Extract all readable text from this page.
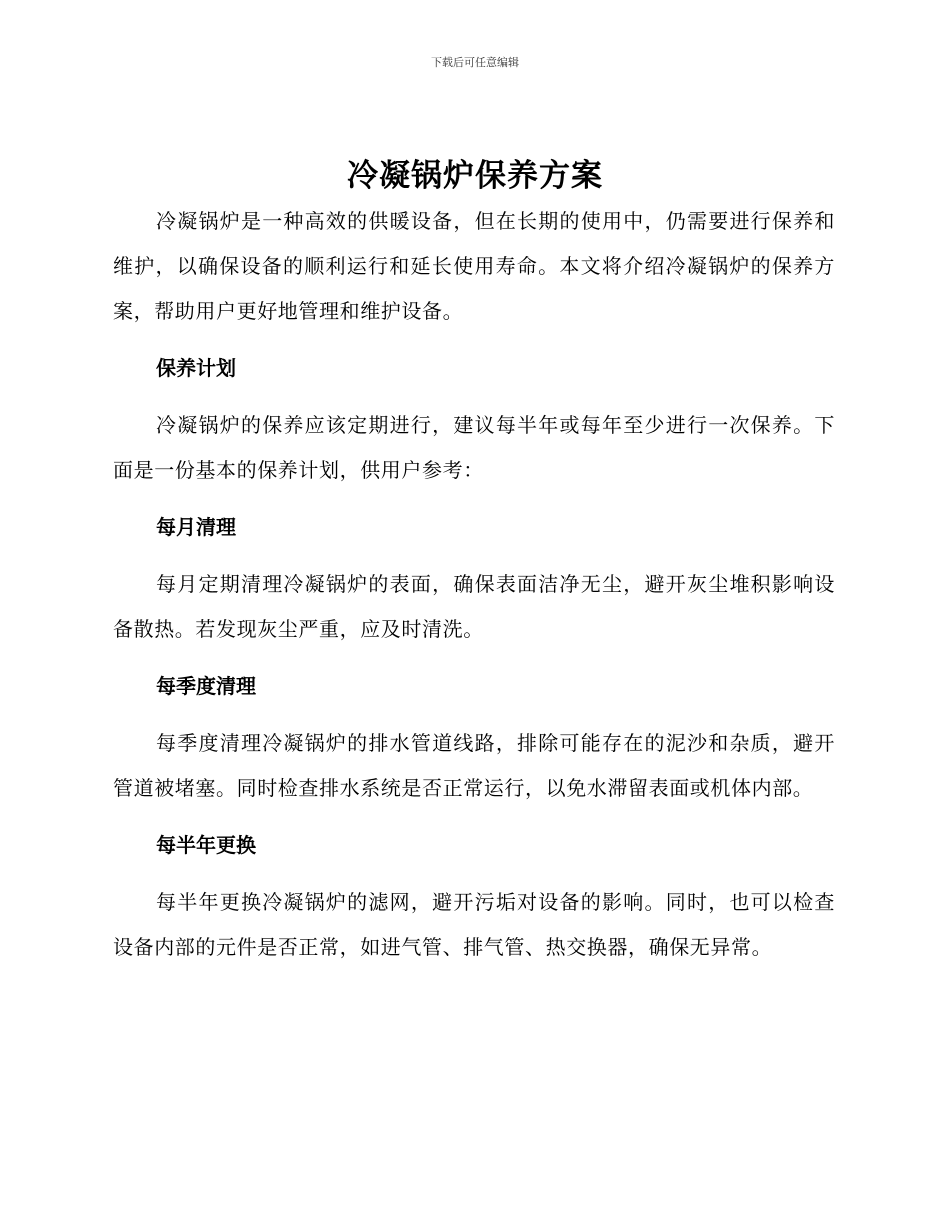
下载后可任意编辑
冷凝锅炉保养方案

冷凝锅炉是一种高效的供暖设备，但在长期的使用中，仍需要进行保养和维护，以确保设备的顺利运行和延长使用寿命。本文将介绍冷凝锅炉的保养方案，帮助用户更好地管理和维护设备。

保养计划

冷凝锅炉的保养应该定期进行，建议每半年或每年至少进行一次保养。下面是一份基本的保养计划，供用户参考：

每月清理

每月定期清理冷凝锅炉的表面，确保表面洁净无尘，避开灰尘堆积影响设备散热。若发现灰尘严重，应及时清洗。

每季度清理

每季度清理冷凝锅炉的排水管道线路，排除可能存在的泥沙和杂质，避开管道被堵塞。同时检查排水系统是否正常运行，以免水滞留表面或机体内部。

每半年更换

每半年更换冷凝锅炉的滤网，避开污垢对设备的影响。同时，也可以检查设备内部的元件是否正常，如进气管、排气管、热交换器，确保无异常。
